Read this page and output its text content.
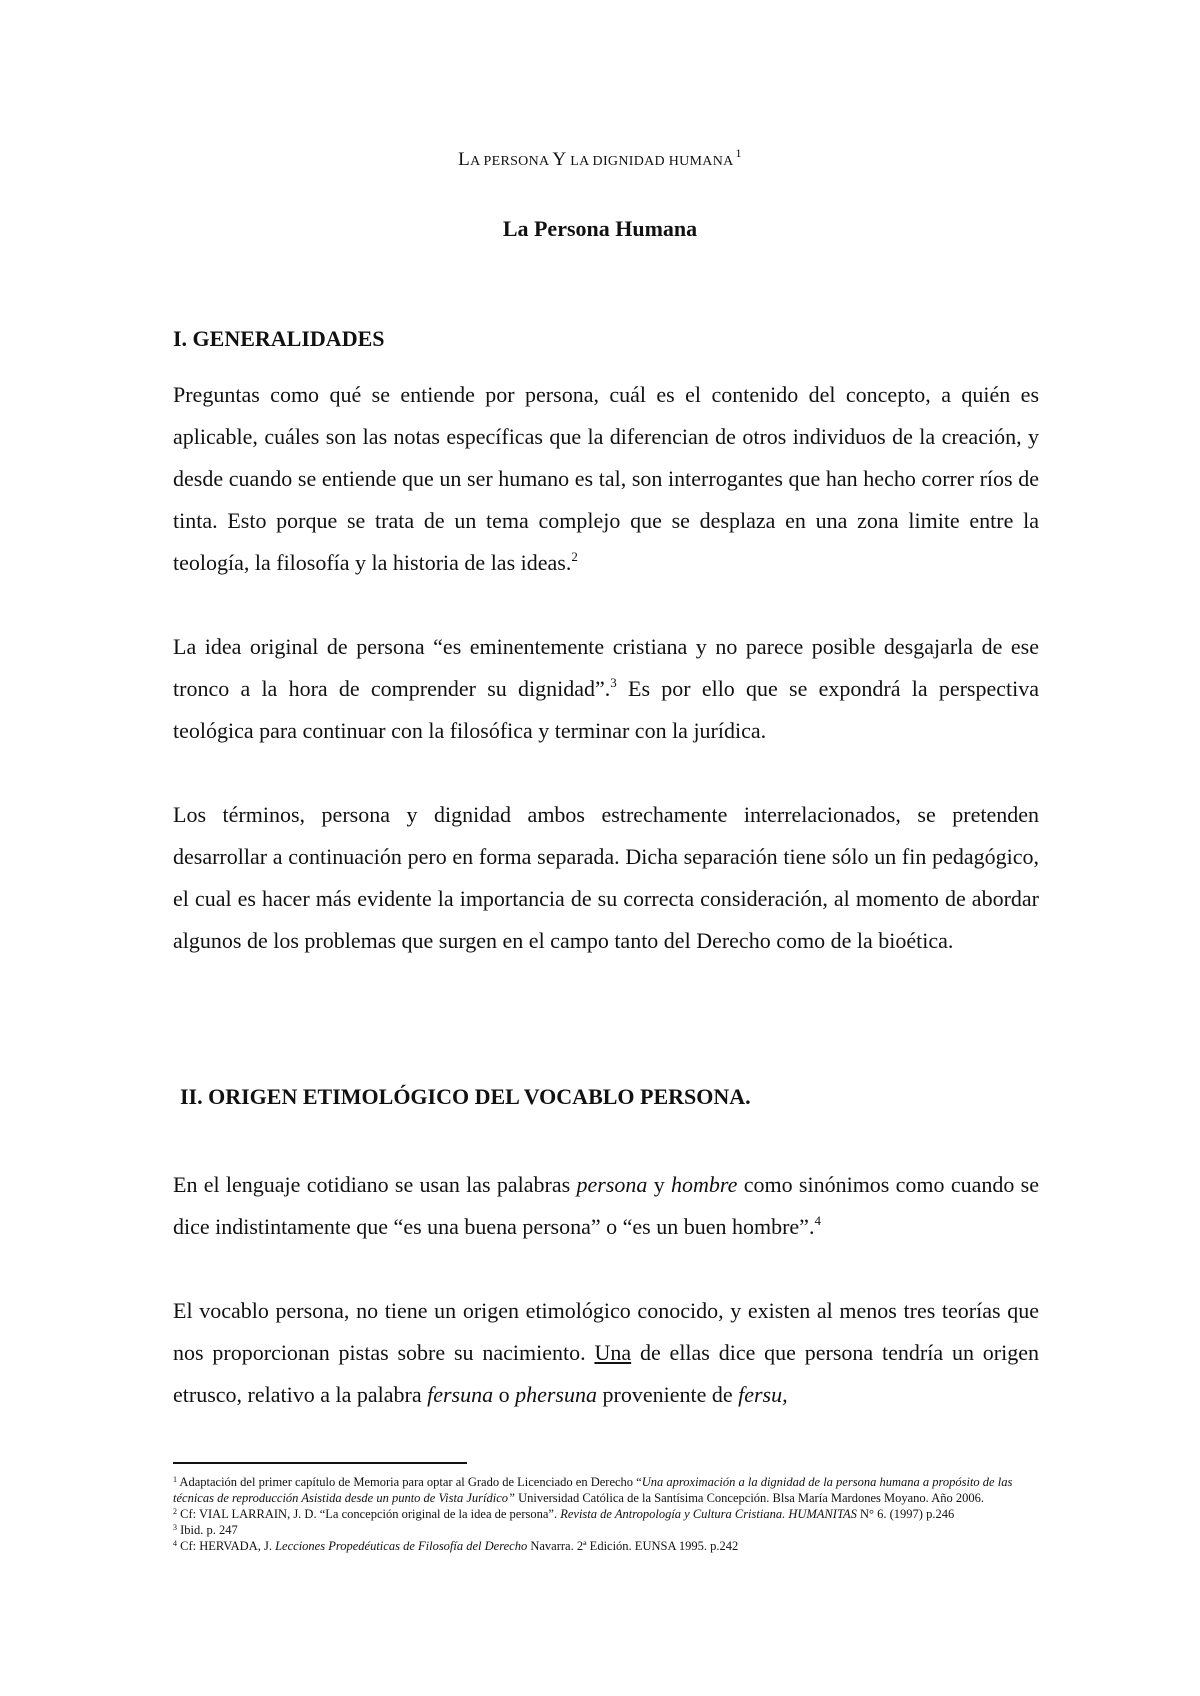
LA PERSONA Y LA DIGNIDAD HUMANA$^1$
La Persona Humana
I. GENERALIDADES
Preguntas como qué se entiende por persona, cuál es el contenido del concepto, a quién es aplicable, cuáles son las notas específicas que la diferencian de otros individuos de la creación, y desde cuando se entiende que un ser humano es tal, son interrogantes que han hecho correr ríos de tinta. Esto porque se trata de un tema complejo que se desplaza en una zona limite entre la teología, la filosofía y la historia de las ideas.$^2$
La idea original de persona “es eminentemente cristiana y no parece posible desgajarla de ese tronco a la hora de comprender su dignidad”.$^3$ Es por ello que se expondrá la perspectiva teológica para continuar con la filosófica y terminar con la jurídica.
Los términos, persona y dignidad ambos estrechamente interrelacionados, se pretenden desarrollar a continuación pero en forma separada. Dicha separación tiene sólo un fin pedagógico, el cual es hacer más evidente la importancia de su correcta consideración, al momento de abordar algunos de los problemas que surgen en el campo tanto del Derecho como de la bioética.
II. ORIGEN ETIMOLÓGICO DEL VOCABLO PERSONA.
En el lenguaje cotidiano se usan las palabras persona y hombre como sinónimos como cuando se dice indistintamente que “es una buena persona” o “es un buen hombre”.$^4$
El vocablo persona, no tiene un origen etimológico conocido, y existen al menos tres teorías que nos proporcionan pistas sobre su nacimiento. Una de ellas dice que persona tendría un origen etrusco, relativo a la palabra fersuna o phersuna proveniente de fersu,
$^1$ Adaptación del primer capítulo de Memoria para optar al Grado de Licenciado en Derecho “Una aproximación a la dignidad de la persona humana a propósito de las técnicas de reproducción Asistida desde un punto de Vista Jurídico” Universidad Católica de la Santísima Concepción. Blsa María Mardones Moyano. Año 2006.
$^2$ Cf: VIAL LARRAIN, J. D. “La concepción original de la idea de persona”. Revista de Antropología y Cultura Cristiana. HUMANITAS N° 6. (1997) p.246
$^3$ Ibid. p. 247
$^4$ Cf: HERVADA, J. Lecciones Propedéuticas de Filosofía del Derecho Navarra. 2ª Edición. EUNSA 1995. p.242
